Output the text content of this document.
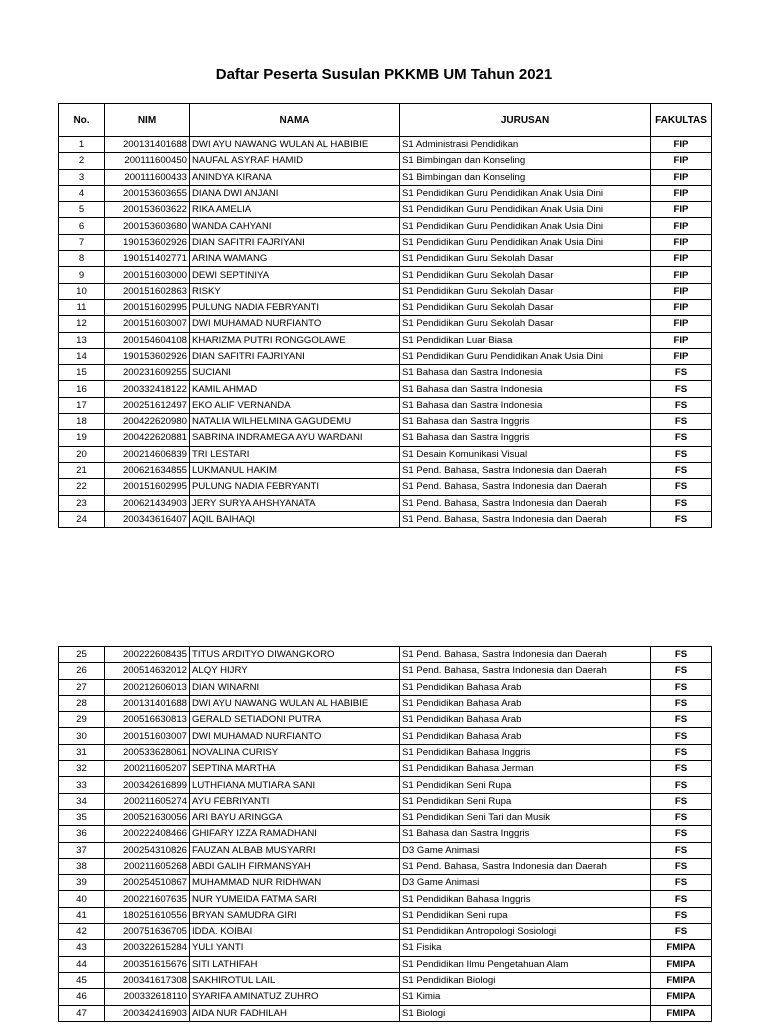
Daftar Peserta Susulan PKKMB UM Tahun 2021
No.	NIM	NAMA	JURUSAN	FAKULTAS
1	200131401688	DWI AYU NAWANG WULAN AL HABIBIE	S1 Administrasi Pendidikan	FIP
2	200111600450	NAUFAL ASYRAF HAMID	S1 Bimbingan dan Konseling	FIP
3	200111600433	ANINDYA KIRANA	S1 Bimbingan dan Konseling	FIP
4	200153603655	DIANA DWI ANJANI	S1 Pendidikan Guru Pendidikan Anak Usia Dini	FIP
5	200153603622	RIKA AMELIA	S1 Pendidikan Guru Pendidikan Anak Usia Dini	FIP
6	200153603680	WANDA CAHYANI	S1 Pendidikan Guru Pendidikan Anak Usia Dini	FIP
7	190153602926	DIAN SAFITRI FAJRIYANI	S1 Pendidikan Guru Pendidikan Anak Usia Dini	FIP
8	190151402771	ARINA WAMANG	S1 Pendidikan Guru Sekolah Dasar	FIP
9	200151603000	DEWI SEPTINIYA	S1 Pendidikan Guru Sekolah Dasar	FIP
10	200151602863	RISKY	S1 Pendidikan Guru Sekolah Dasar	FIP
11	200151602995	PULUNG NADIA FEBRYANTI	S1 Pendidikan Guru Sekolah Dasar	FIP
12	200151603007	DWI MUHAMAD NURFIANTO	S1 Pendidikan Guru Sekolah Dasar	FIP
13	200154604108	KHARIZMA PUTRI RONGGOLAWE	S1 Pendidikan Luar Biasa	FIP
14	190153602926	DIAN SAFITRI FAJRIYANI	S1 Pendidikan Guru Pendidikan Anak Usia Dini	FIP
15	200231609255	SUCIANI	S1 Bahasa dan Sastra Indonesia	FS
16	200332418122	KAMIL AHMAD	S1 Bahasa dan Sastra Indonesia	FS
17	200251612497	EKO ALIF VERNANDA	S1 Bahasa dan Sastra Indonesia	FS
18	200422620980	NATALIA WILHELMINA GAGUDEMU	S1 Bahasa dan Sastra Inggris	FS
19	200422620881	SABRINA INDRAMEGA AYU WARDANI	S1 Bahasa dan Sastra Inggris	FS
20	200214606839	TRI LESTARI	S1 Desain Komunikasi Visual	FS
21	200621634855	LUKMANUL HAKIM	S1 Pend. Bahasa, Sastra Indonesia dan Daerah	FS
22	200151602995	PULUNG NADIA FEBRYANTI	S1 Pend. Bahasa, Sastra Indonesia dan Daerah	FS
23	200621434903	JERY SURYA AHSHYANATA	S1 Pend. Bahasa, Sastra Indonesia dan Daerah	FS
24	200343616407	AQIL BAIHAQI	S1 Pend. Bahasa, Sastra Indonesia dan Daerah	FS
25	200222608435	TITUS ARDITYO DIWANGKORO	S1 Pend. Bahasa, Sastra Indonesia dan Daerah	FS
26	200514632012	ALQY HIJRY	S1 Pend. Bahasa, Sastra Indonesia dan Daerah	FS
27	200212606013	DIAN WINARNI	S1 Pendidikan Bahasa Arab	FS
28	200131401688	DWI AYU NAWANG WULAN AL HABIBIE	S1 Pendidikan Bahasa Arab	FS
29	200516630813	GERALD SETIADONI PUTRA	S1 Pendidikan Bahasa Arab	FS
30	200151603007	DWI MUHAMAD NURFIANTO	S1 Pendidikan Bahasa Arab	FS
31	200533628061	NOVALINA CURISY	S1 Pendidikan Bahasa Inggris	FS
32	200211605207	SEPTINA MARTHA	S1 Pendidikan Bahasa Jerman	FS
33	200342616899	LUTHFIANA MUTIARA SANI	S1 Pendidikan Seni Rupa	FS
34	200211605274	AYU FEBRIYANTI	S1 Pendidikan Seni Rupa	FS
35	200521630056	ARI BAYU ARINGGA	S1 Pendidikan Seni Tari dan Musik	FS
36	200222408466	GHIFARY IZZA RAMADHANI	S1 Bahasa dan Sastra Inggris	FS
37	200254310826	FAUZAN ALBAB MUSYARRI	D3 Game Animasi	FS
38	200211605268	ABDI GALIH FIRMANSYAH	S1 Pend. Bahasa, Sastra Indonesia dan Daerah	FS
39	200254510867	MUHAMMAD NUR RIDHWAN	D3 Game Animasi	FS
40	200221607635	NUR YUMEIDA FATMA SARI	S1 Pendidikan Bahasa Inggris	FS
41	180251610556	BRYAN SAMUDRA GIRI	S1 Pendidikan Seni rupa	FS
42	200751636705	IDDA. KOIBAI	S1 Pendidikan Antropologi Sosiologi	FS
43	200322615284	YULI YANTI	S1 Fisika	FMIPA
44	200351615676	SITI LATHIFAH	S1 Pendidikan Ilmu Pengetahuan Alam	FMIPA
45	200341617308	SAKHIROTUL LAIL	S1 Pendidikan Biologi	FMIPA
46	200332618110	SYARIFA AMINATUZ ZUHRO	S1 Kimia	FMIPA
47	200342416903	AIDA NUR FADHILAH	S1 Biologi	FMIPA
